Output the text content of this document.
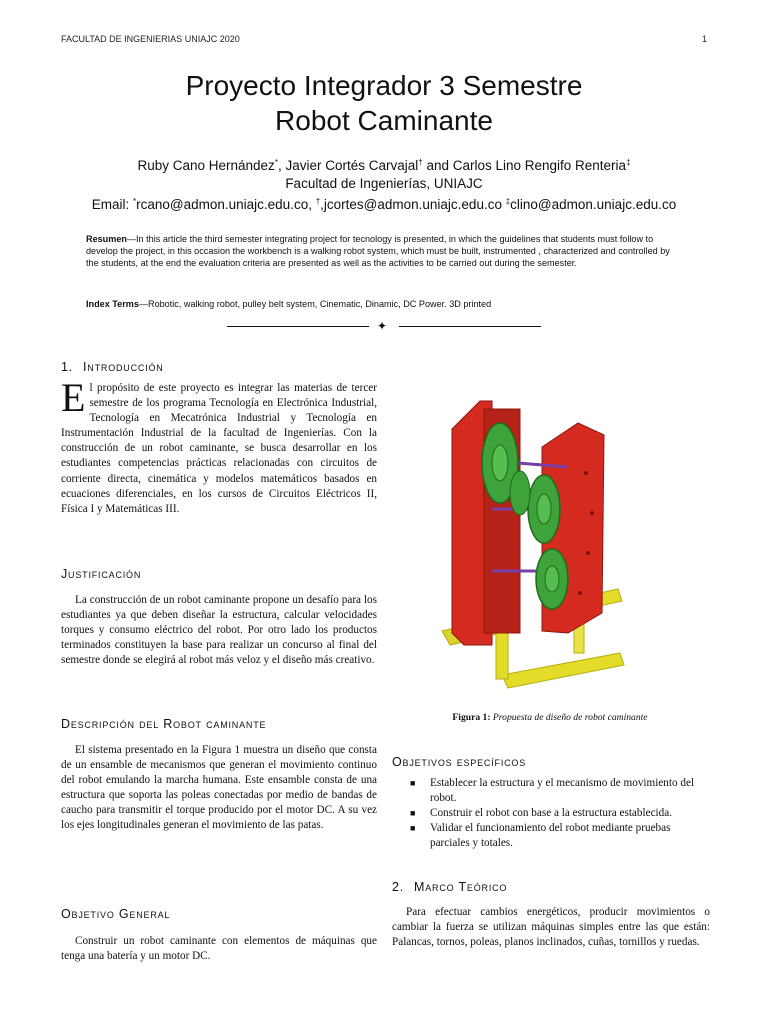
FACULTAD DE INGENIERIAS UNIAJC 2020	1
Proyecto Integrador 3 Semestre
Robot Caminante
Ruby Cano Hernández*, Javier Cortés Carvajal† and Carlos Lino Rengifo Renteria‡
Facultad de Ingenierías, UNIAJC
Email: *rcano@admon.uniajc.edu.co, †,jcortes@admon.uniajc.edu.co ‡clino@admon.uniajc.edu.co
Resumen—In this article the third semester integrating project for tecnology is presented, in which the guidelines that students must follow to develop the project, in this occasion the workbench is a walking robot system, which must be built, instrumented , characterized and controlled by the students, at the end the evaluation criteria are presented as well as the activities to be carried out during the semester.
Index Terms—Robotic, walking robot, pulley belt system, Cinematic, Dinamic, DC Power. 3D printed
✦
1. Introducción

El propósito de este proyecto es integrar las materias de tercer semestre de los programa Tecnología en Electrónica Industrial, Tecnología en Mecatrónica Industrial y Tecnología en Instrumentación Industrial de la facultad de Ingenierías. Con la construcción de un robot caminante, se busca desarrollar en los estudiantes competencias prácticas relacionadas con circuitos de corriente directa, cinemática y modelos matemáticos basados en ecuaciones diferenciales, en los cursos de Circuitos Eléctricos II, Física I y Matemáticas III.

Justificación

La construcción de un robot caminante propone un desafío para los estudiantes ya que deben diseñar la estructura, calcular velocidades torques y consumo eléctrico del robot. Por otro lado los productos terminados constituyen la base para realizar un concurso al final del semestre donde se elegirá al robot más veloz y el diseño más creativo.

Descripción del Robot caminante

El sistema presentado en la Figura 1 muestra un diseño que consta de un ensamble de mecanismos que generan el movimiento continuo del robot emulando la marcha humana. Este ensamble consta de una estructura que soporta las poleas conectadas por medio de bandas de caucho para transmitir el torque producido por el motor DC. A su vez los ejes longitudinales generan el movimiento de las patas.

Objetivo General

Construir un robot caminante con elementos de máquinas que tenga una batería y un motor DC.

Figura 1: Propuesta de diseño de robot caminante
Objetivos específicos
■ Establecer la estructura y el mecanismo de movimiento del robot.
■ Construir el robot con base a la estructura establecida.
■ Validar el funcionamiento del robot mediante pruebas parciales y totales.
2. Marco Teórico

Para efectuar cambios energéticos, producir movimientos o cambiar la fuerza se utilizan máquinas simples entre las que están: Palancas, tornos, poleas, planos inclinados, cuñas, tornillos y ruedas.
